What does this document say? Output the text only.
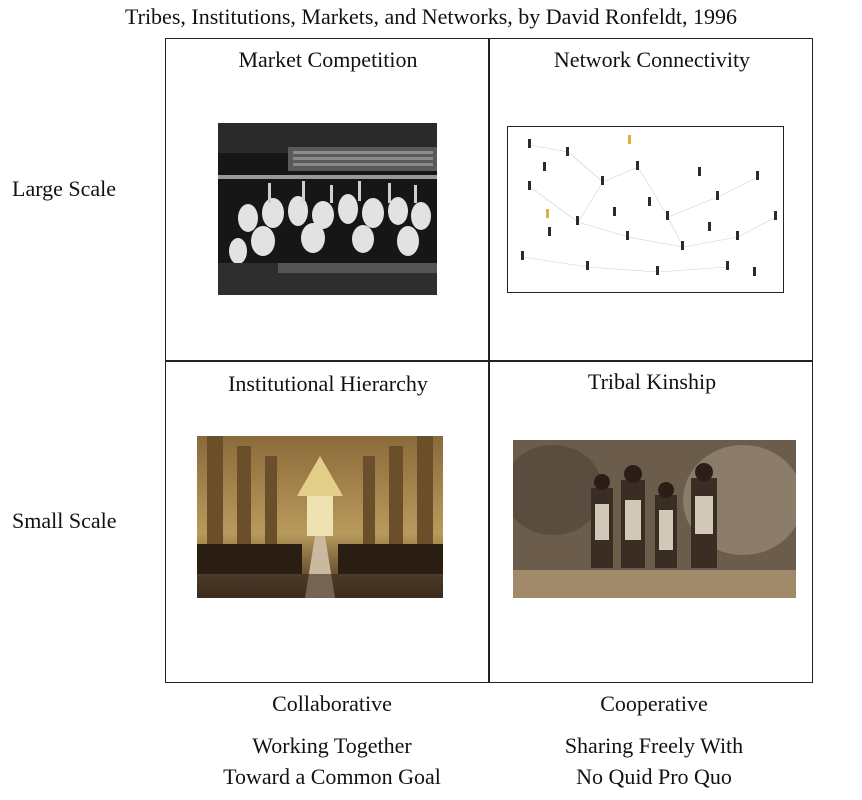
Tribes, Institutions, Markets, and Networks, by David Ronfeldt, 1996
Large Scale
Small Scale
Market Competition	Network Connectivity
Institutional Hierarchy	Tribal Kinship
Collaborative
Working Together
Toward a Common Goal
Cooperative
Sharing Freely With
No Quid Pro Quo
